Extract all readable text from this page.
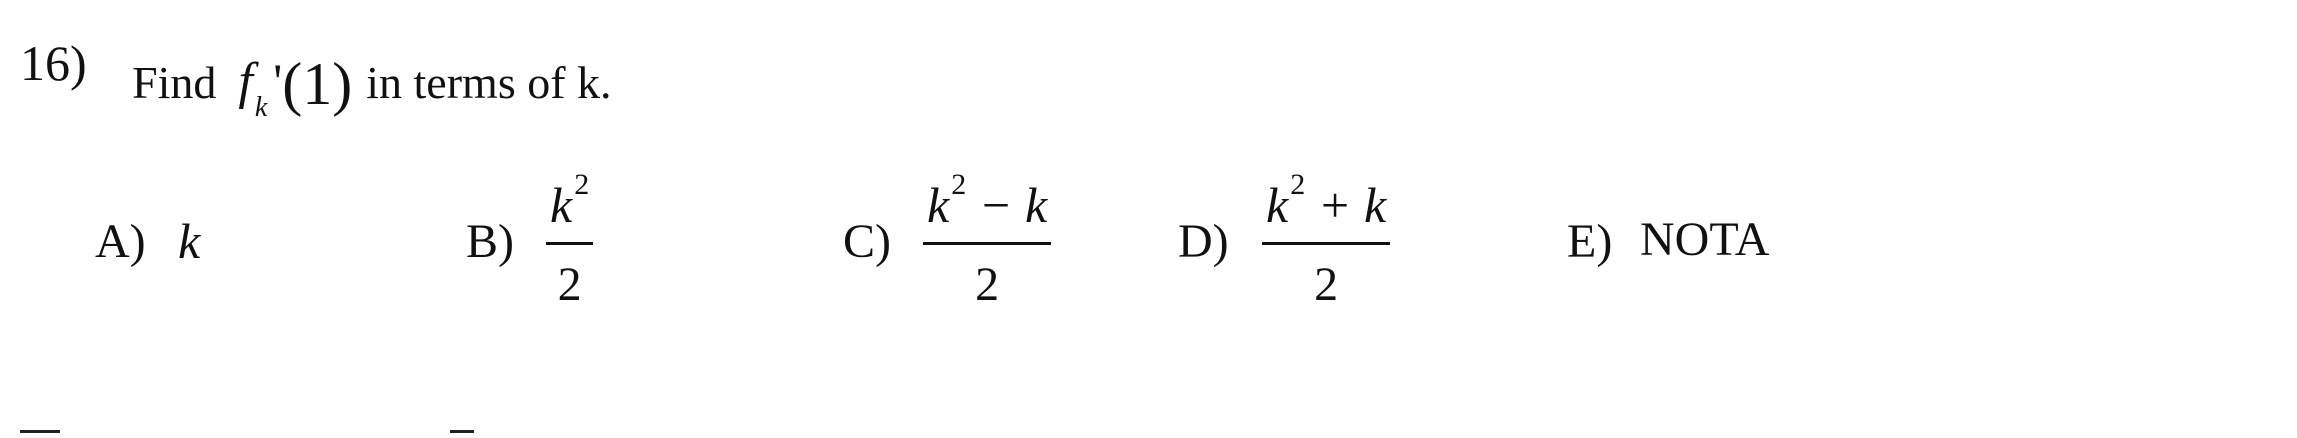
16) Find $f_k$ '(1) in terms of k.
A) k	B)
$k^2$
2
C)
$k^2 - k$
2
D)
$k^2 + k$
2
E) NOTA
